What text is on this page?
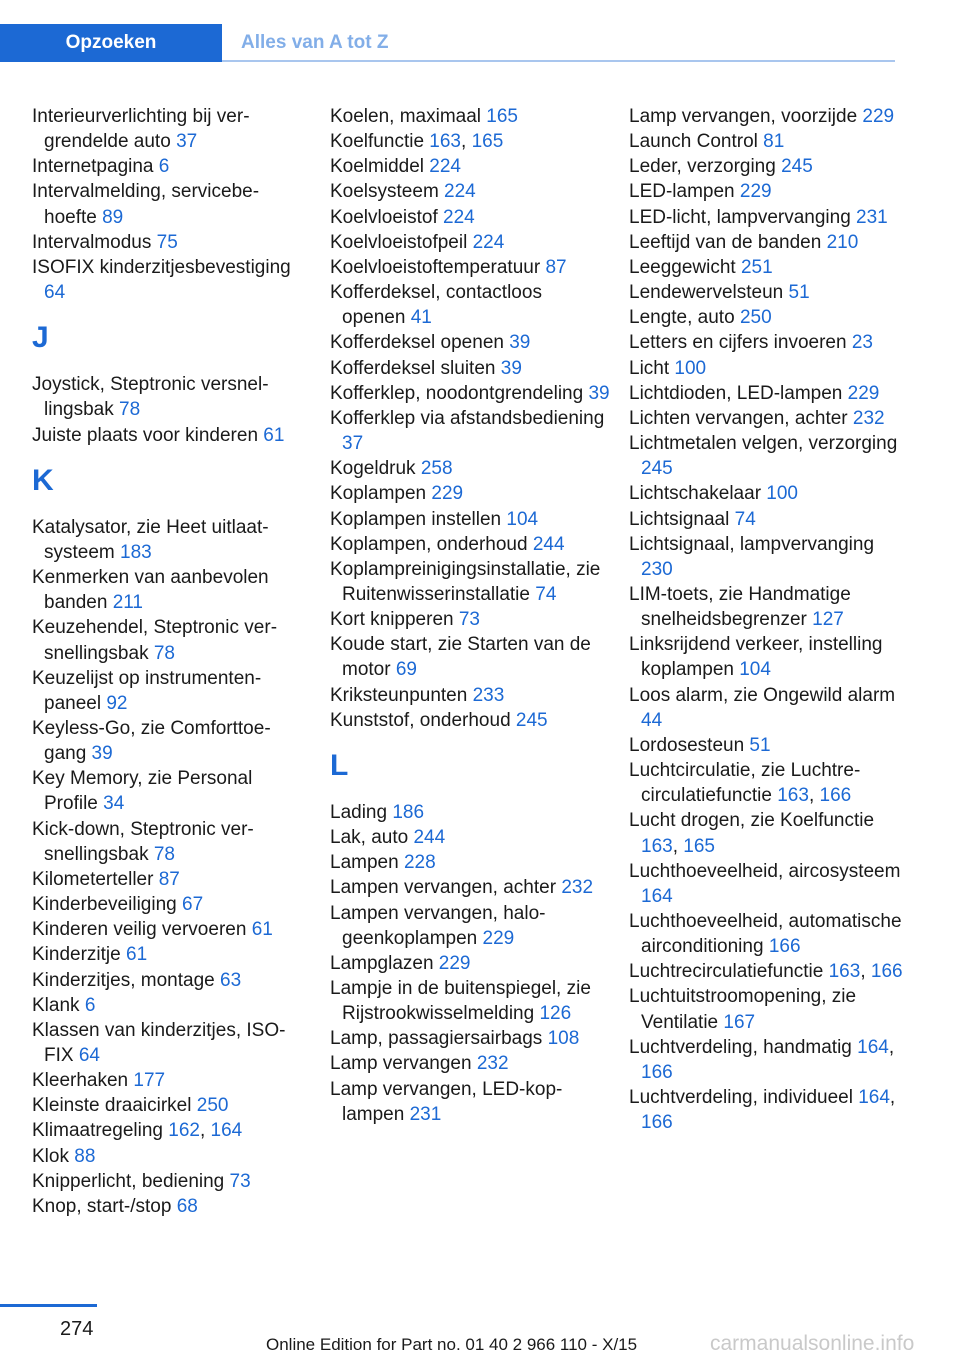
Opzoeken	Alles van A tot Z
Interieurverlichting bij vergrendelde auto 37
Internetpagina 6
Intervalmelding, servicebehoefte 89
Intervalmodus 75
ISOFIX kinderzitjesbevestiging 64
J
Joystick, Steptronic versnellingsbak 78
Juiste plaats voor kinderen 61
K
Katalysator, zie Heet uitlaatsysteem 183
Kenmerken van aanbevolen banden 211
Keuzehendel, Steptronic versnellingsbak 78
Keuzelijst op instrumentenpaneel 92
Keyless-Go, zie Comforttoegang 39
Key Memory, zie Personal Profile 34
Kick-down, Steptronic versnellingsbak 78
Kilometerteller 87
Kinderbeveiliging 67
Kinderen veilig vervoeren 61
Kinderzitje 61
Kinderzitjes, montage 63
Klank 6
Klassen van kinderzitjes, ISOFIX 64
Kleerhaken 177
Kleinste draaicirkel 250
Klimaatregeling 162, 164
Klok 88
Knipperlicht, bediening 73
Knop, start-/stop 68
Koelen, maximaal 165
Koelfunctie 163, 165
Koelmiddel 224
Koelsysteem 224
Koelvloeistof 224
Koelvloeistofpeil 224
Koelvloeistoftemperatuur 87
Kofferdeksel, contactloos openen 41
Kofferdeksel openen 39
Kofferdeksel sluiten 39
Kofferklep, noodontgrendeling 39
Kofferklep via afstandsbediening 37
Kogeldruk 258
Koplampen 229
Koplampen instellen 104
Koplampen, onderhoud 244
Koplampreinigingsinstallatie, zie Ruitenwisserinstallatie 74
Kort knipperen 73
Koude start, zie Starten van de motor 69
Kriksteunpunten 233
Kunststof, onderhoud 245
L
Lading 186
Lak, auto 244
Lampen 228
Lampen vervangen, achter 232
Lampen vervangen, halogeenkoplampen 229
Lampglazen 229
Lampje in de buitenspiegel, zie Rijstrookwisselmelding 126
Lamp, passagiersairbags 108
Lamp vervangen 232
Lamp vervangen, LED-koplampen 231
Lamp vervangen, voorzijde 229
Launch Control 81
Leder, verzorging 245
LED-lampen 229
LED-licht, lampvervanging 231
Leeftijd van de banden 210
Leeggewicht 251
Lendewervelsteun 51
Lengte, auto 250
Letters en cijfers invoeren 23
Licht 100
Lichtdioden, LED-lampen 229
Lichten vervangen, achter 232
Lichtmetalen velgen, verzorging 245
Lichtschakelaar 100
Lichtsignaal 74
Lichtsignaal, lampvervanging 230
LIM-toets, zie Handmatige snelheidsbegrenzer 127
Linksrijdend verkeer, instelling koplampen 104
Loos alarm, zie Ongewild alarm 44
Lordosesteun 51
Luchtcirculatie, zie Luchtrecirculatiefunctie 163, 166
Lucht drogen, zie Koelfunctie 163, 165
Luchthoeveelheid, aircosysteem 164
Luchthoeveelheid, automatische airconditioning 166
Luchtrecirculatiefunctie 163, 166
Luchtuitstroomopening, zie Ventilatie 167
Luchtverdeling, handmatig 164, 166
Luchtverdeling, individueel 164, 166
274
Online Edition for Part no. 01 40 2 966 110 - X/15	carmanualsonline.info
